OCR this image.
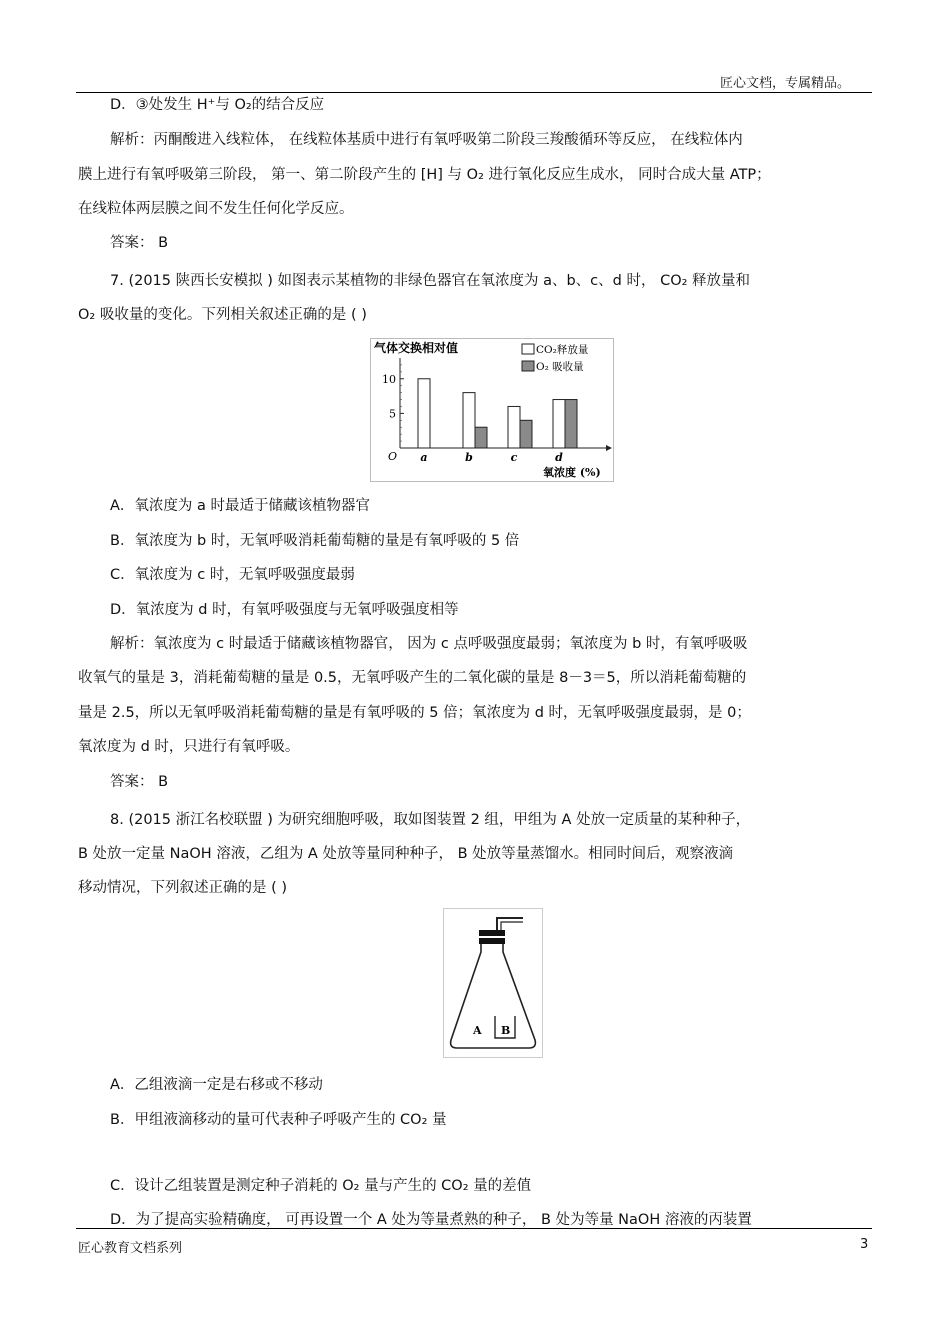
匠心文档，专属精品。
D．③处发生 H⁺与 O₂的结合反应
解析：丙酮酸进入线粒体， 在线粒体基质中进行有氧呼吸第二阶段三羧酸循环等反应， 在线粒体内
膜上进行有氧呼吸第三阶段， 第一、第二阶段产生的 [H] 与 O₂ 进行氧化反应生成水， 同时合成大量 ATP；
在线粒体两层膜之间不发生任何化学反应。
答案： B
7. (2015 陕西长安模拟 ) 如图表示某植物的非绿色器官在氧浓度为 a、b、c、d 时， CO₂ 释放量和
O₂ 吸收量的变化。下列相关叙述正确的是 ( )
气体交换相对值	CO₂释放量
O₂ 吸收量
5
10
a	b	c	d
O
氧浓度 (%)
A．氧浓度为 a 时最适于储藏该植物器官
B．氧浓度为 b 时，无氧呼吸消耗葡萄糖的量是有氧呼吸的 5 倍
C．氧浓度为 c 时，无氧呼吸强度最弱
D．氧浓度为 d 时，有氧呼吸强度与无氧呼吸强度相等
解析：氧浓度为 c 时最适于储藏该植物器官， 因为 c 点呼吸强度最弱；氧浓度为 b 时，有氧呼吸吸
收氧气的量是 3，消耗葡萄糖的量是 0.5，无氧呼吸产生的二氧化碳的量是 8－3＝5，所以消耗葡萄糖的
量是 2.5，所以无氧呼吸消耗葡萄糖的量是有氧呼吸的 5 倍；氧浓度为 d 时，无氧呼吸强度最弱，是 0；
氧浓度为 d 时，只进行有氧呼吸。
答案： B
8. (2015 浙江名校联盟 ) 为研究细胞呼吸，取如图装置 2 组，甲组为 A 处放一定质量的某种种子，
B 处放一定量 NaOH 溶液，乙组为 A 处放等量同种种子， B 处放等量蒸馏水。相同时间后，观察液滴
移动情况，下列叙述正确的是 ( )
A B
A．乙组液滴一定是右移或不移动
B．甲组液滴移动的量可代表种子呼吸产生的 CO₂ 量
C．设计乙组装置是测定种子消耗的 O₂ 量与产生的 CO₂ 量的差值
D．为了提高实验精确度， 可再设置一个 A 处为等量煮熟的种子， B 处为等量 NaOH 溶液的丙装置
匠心教育文档系列	3
